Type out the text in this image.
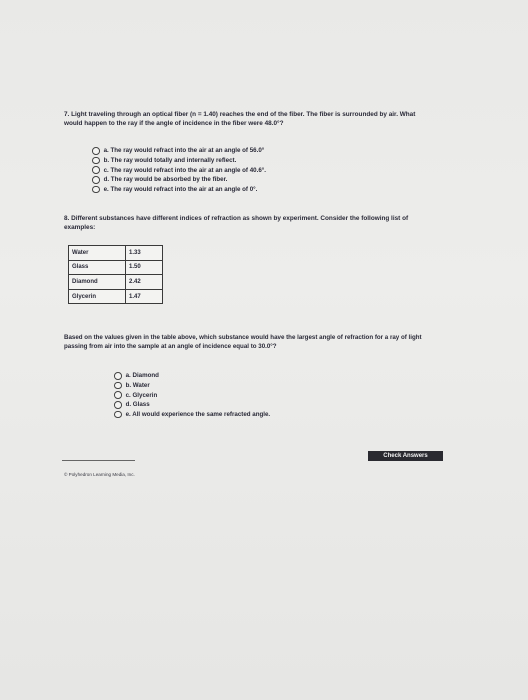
7. Light traveling through an optical fiber (n = 1.40) reaches the end of the fiber. The fiber is surrounded by air. What would happen to the ray if the angle of incidence in the fiber were 48.0°?
a. The ray would refract into the air at an angle of 56.0°
b. The ray would totally and internally reflect.
c. The ray would refract into the air at an angle of 40.6°.
d. The ray would be absorbed by the fiber.
e. The ray would refract into the air at an angle of 0°.
8. Different substances have different indices of refraction as shown by experiment. Consider the following list of examples:
Water	1.33
Glass	1.50
Diamond	2.42
Glycerin	1.47
Based on the values given in the table above, which substance would have the largest angle of refraction for a ray of light passing from air into the sample at an angle of incidence equal to 30.0°?
a. Diamond
b. Water
c. Glycerin
d. Glass
e. All would experience the same refracted angle.
Check Answers
© Polyhedron Learning Media, Inc.
